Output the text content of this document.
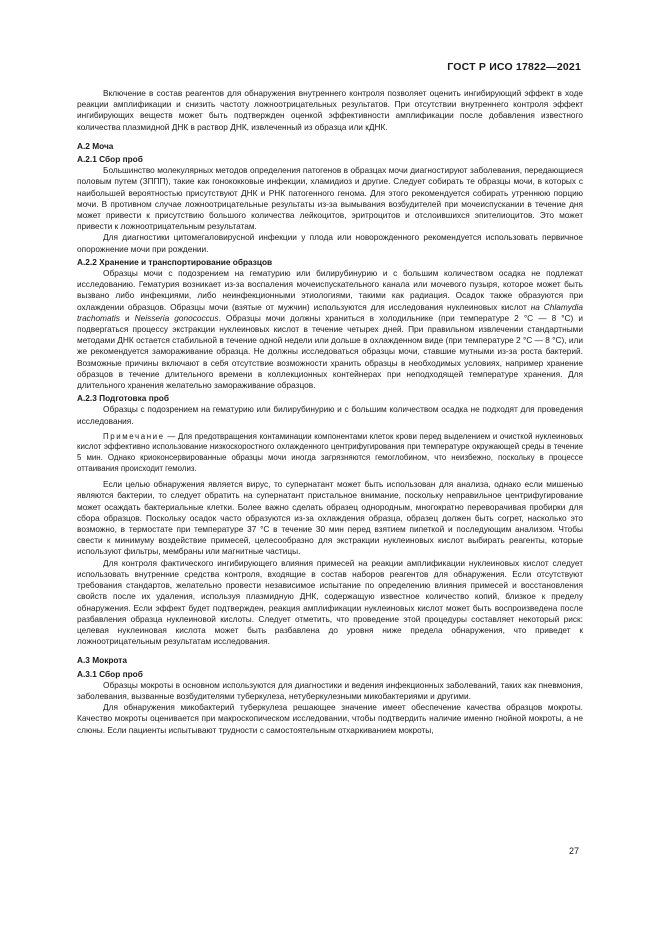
ГОСТ Р ИСО 17822—2021

Включение в состав реагентов для обнаружения внутреннего контроля позволяет оценить ингибирующий эффект в ходе реакции амплификации и снизить частоту ложноотрицательных результатов. При отсутствии внутреннего контроля эффект ингибирующих веществ может быть подтвержден оценкой эффективности амплификации после добавления известного количества плазмидной ДНК в раствор ДНК, извлеченный из образца или кДНК.

А.2 Моча
А.2.1 Сбор проб

Большинство молекулярных методов определения патогенов в образцах мочи диагностируют заболевания, передающиеся половым путем (ЗППП), такие как гонококковые инфекции, хламидиоз и другие. Следует собирать те образцы мочи, в которых с наибольшей вероятностью присутствуют ДНК и РНК патогенного генома. Для этого рекомендуется собирать утреннюю порцию мочи. В противном случае ложноотрицательные результаты из-за вымывания возбудителей при мочеиспускании в течение дня может привести к присутствию большого количества лейкоцитов, эритроцитов и отслоившихся эпителиоцитов. Это может привести к ложноотрицательным результатам.

Для диагностики цитомегаловирусной инфекции у плода или новорожденного рекомендуется использовать первичное опорожнение мочи при рождении.

А.2.2 Хранение и транспортирование образцов

Образцы мочи с подозрением на гематурию или билирубинурию и с большим количеством осадка не подлежат исследованию. Гематурия возникает из-за воспаления мочеиспускательного канала или мочевого пузыря, которое может быть вызвано либо инфекциями, либо неинфекционными этиологиями, такими как радиация. Осадок также образуются при охлаждении образцов. Образцы мочи (взятые от мужчин) используются для исследования нуклеиновых кислот на Chlamydia trachomatis и Neisseria gonococcus. Образцы мочи должны храниться в холодильнике (при температуре 2 °С — 8 °С) и подвергаться процессу экстракции нуклеиновых кислот в течение четырех дней. При правильном извлечении стандартными методами ДНК остается стабильной в течение одной недели или дольше в охлажденном виде (при температуре 2 °С — 8 °С), или же рекомендуется замораживание образца. Не должны исследоваться образцы мочи, ставшие мутными из-за роста бактерий. Возможные причины включают в себя отсутствие возможности хранить образцы в необходимых условиях, например хранение образцов в течение длительного времени в коллекционных контейнерах при неподходящей температуре хранения. Для длительного хранения желательно замораживание образцов.

А.2.3 Подготовка проб

Образцы с подозрением на гематурию или билирубинурию и с большим количеством осадка не подходят для проведения исследования.

Примечание — Для предотвращения контаминации компонентами клеток крови перед выделением и очисткой нуклеиновых кислот эффективно использование низкоскоростного охлажденного центрифугирования при температуре окружающей среды в течение 5 мин. Однако криоконсервированные образцы мочи иногда загрязняются гемоглобином, что неизбежно, поскольку в процессе оттаивания происходит гемолиз.

Если целью обнаружения является вирус, то супернатант может быть использован для анализа, однако если мишенью являются бактерии, то следует обратить на супернатант пристальное внимание, поскольку неправильное центрифугирование может осаждать бактериальные клетки. Более важно сделать образец однородным, многократно переворачивая пробирки для сбора образцов. Поскольку осадок часто образуются из-за охлаждения образца, образец должен быть согрет, насколько это возможно, в термостате при температуре 37 °С в течение 30 мин перед взятием пипеткой и последующим анализом. Чтобы свести к минимуму воздействие примесей, целесообразно для экстракции нуклеиновых кислот выбирать реагенты, которые используют фильтры, мембраны или магнитные частицы.

Для контроля фактического ингибирующего влияния примесей на реакции амплификации нуклеиновых кислот следует использовать внутренние средства контроля, входящие в состав наборов реагентов для обнаружения. Если отсутствуют требования стандартов, желательно провести независимое испытание по определению влияния примесей и восстановления свойств после их удаления, используя плазмидную ДНК, содержащую известное количество копий, близкое к пределу обнаружения. Если эффект будет подтвержден, реакция амплификации нуклеиновых кислот может быть воспроизведена после разбавления образца нуклеиновой кислоты. Следует отметить, что проведение этой процедуры составляет некоторый риск: целевая нуклеиновая кислота может быть разбавлена до уровня ниже предела обнаружения, что приведет к ложноотрицательным результатам исследования.

А.3 Мокрота
А.3.1 Сбор проб

Образцы мокроты в основном используются для диагностики и ведения инфекционных заболеваний, таких как пневмония, заболевания, вызванные возбудителями туберкулеза, нетуберкулезными микобактериями и другими.

Для обнаружения микобактерий туберкулеза решающее значение имеет обеспечение качества образцов мокроты. Качество мокроты оценивается при макроскопическом исследовании, чтобы подтвердить наличие именно гнойной мокроты, а не слюны. Если пациенты испытывают трудности с самостоятельным отхаркиванием мокроты,

27
